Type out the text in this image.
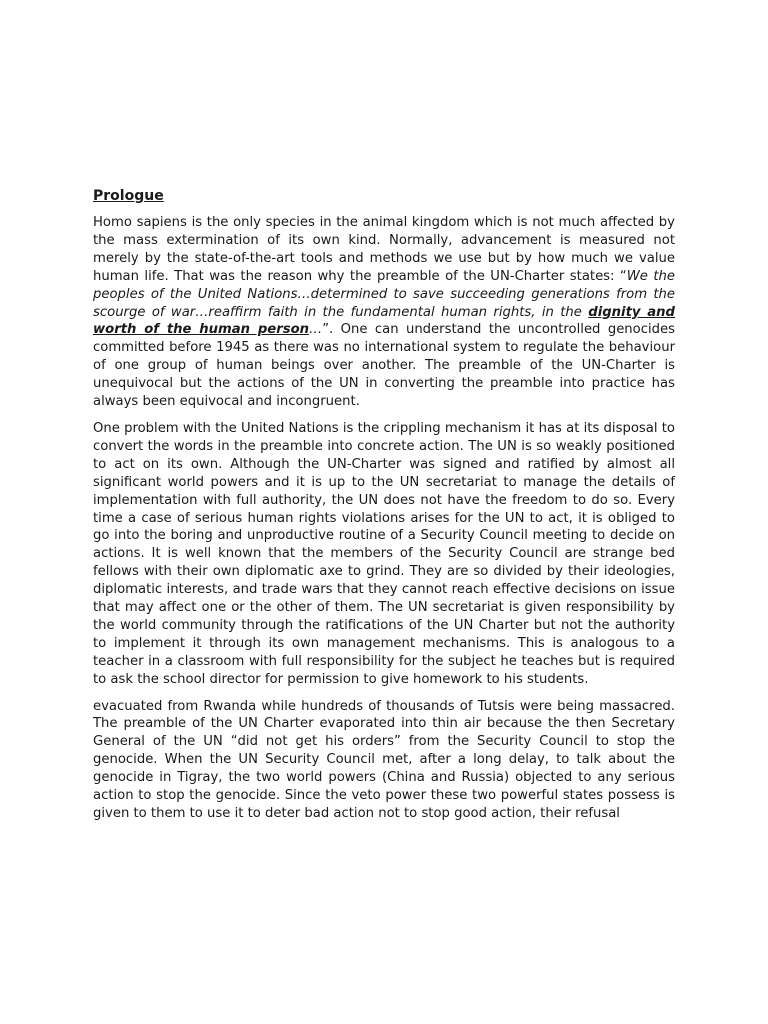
Prologue

Homo sapiens is the only species in the animal kingdom which is not much affected by the mass extermination of its own kind. Normally, advancement is measured not merely by the state-of-the-art tools and methods we use but by how much we value human life. That was the reason why the preamble of the UN-Charter states: “We the peoples of the United Nations…determined to save succeeding generations from the scourge of war…reaffirm faith in the fundamental human rights, in the dignity and worth of the human person…”. One can understand the uncontrolled genocides committed before 1945 as there was no international system to regulate the behaviour of one group of human beings over another. The preamble of the UN-Charter is unequivocal but the actions of the UN in converting the preamble into practice has always been equivocal and incongruent.

One problem with the United Nations is the crippling mechanism it has at its disposal to convert the words in the preamble into concrete action. The UN is so weakly positioned to act on its own. Although the UN-Charter was signed and ratified by almost all significant world powers and it is up to the UN secretariat to manage the details of implementation with full authority, the UN does not have the freedom to do so. Every time a case of serious human rights violations arises for the UN to act, it is obliged to go into the boring and unproductive routine of a Security Council meeting to decide on actions. It is well known that the members of the Security Council are strange bed fellows with their own diplomatic axe to grind. They are so divided by their ideologies, diplomatic interests, and trade wars that they cannot reach effective decisions on issue that may affect one or the other of them. The UN secretariat is given responsibility by the world community through the ratifications of the UN Charter but not the authority to implement it through its own management mechanisms. This is analogous to a teacher in a classroom with full responsibility for the subject he teaches but is required to ask the school director for permission to give homework to his students.

evacuated from Rwanda while hundreds of thousands of Tutsis were being massacred. The preamble of the UN Charter evaporated into thin air because the then Secretary General of the UN “did not get his orders” from the Security Council to stop the genocide. When the UN Security Council met, after a long delay, to talk about the genocide in Tigray, the two world powers (China and Russia) objected to any serious action to stop the genocide. Since the veto power these two powerful states possess is given to them to use it to deter bad action not to stop good action, their refusal
